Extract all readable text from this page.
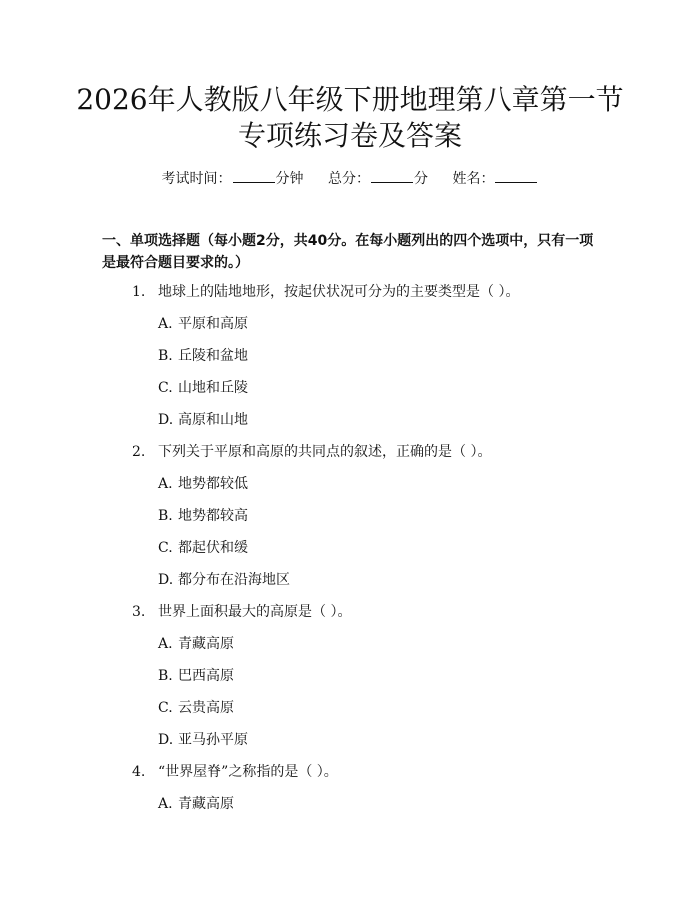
2026年人教版八年级下册地理第八章第一节
专项练习卷及答案
考试时间：	分钟 总分：	分 姓名：
一、单项选择题（每小题2分，共40分。在每小题列出的四个选项中，只有一项是最符合题目要求的。）
1. 地球上的陆地地形，按起伏状况可分为的主要类型是（ ）。
A. 平原和高原
B. 丘陵和盆地
C. 山地和丘陵
D. 高原和山地
2. 下列关于平原和高原的共同点的叙述，正确的是（ ）。
A. 地势都较低
B. 地势都较高
C. 都起伏和缓
D. 都分布在沿海地区
3. 世界上面积最大的高原是（ ）。
A. 青藏高原
B. 巴西高原
C. 云贵高原
D. 亚马孙平原
4. “世界屋脊”之称指的是（ ）。
A. 青藏高原
